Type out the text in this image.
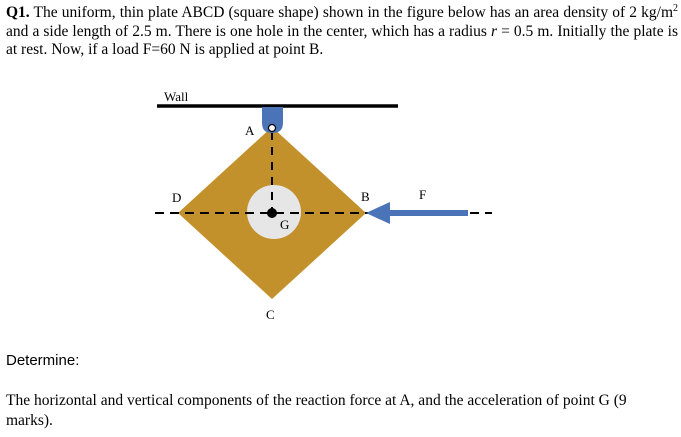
Q1. The uniform, thin plate ABCD (square shape) shown in the figure below has an area density of 2 $kg/m^2$ and a side length of 2.5 m. There is one hole in the center, which has a radius r = 0.5 m. Initially the plate is at rest. Now, if a load F=60 N is applied at point B.

Wall
A
D	B	F
G
C

Determine:

The horizontal and vertical components of the reaction force at A, and the acceleration of point G (9 marks).
